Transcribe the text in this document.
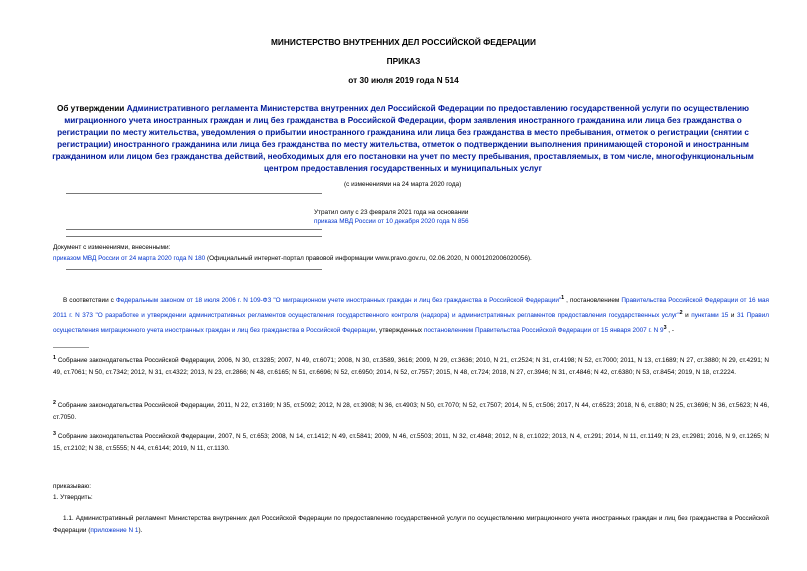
МИНИСТЕРСТВО ВНУТРЕННИХ ДЕЛ РОССИЙСКОЙ ФЕДЕРАЦИИ
ПРИКАЗ
от 30 июля 2019 года N 514
Об утверждении Административного регламента Министерства внутренних дел Российской Федерации по предоставлению государственной услуги по осуществлению миграционного учета иностранных граждан и лиц без гражданства в Российской Федерации, форм заявления иностранного гражданина или лица без гражданства о регистрации по месту жительства, уведомления о прибытии иностранного гражданина или лица без гражданства в место пребывания, отметок о регистрации (снятии с регистрации) иностранного гражданина или лица без гражданства по месту жительства, отметок о подтверждении выполнения принимающей стороной и иностранным гражданином или лицом без гражданства действий, необходимых для его постановки на учет по месту пребывания, проставляемых, в том числе, многофункциональным центром предоставления государственных и муниципальных услуг
(с изменениями на 24 марта 2020 года)
Утратил силу с 23 февраля 2021 года на основании
приказа МВД России от 10 декабря 2020 года N 856
Документ с изменениями, внесенными:
приказом МВД России от 24 марта 2020 года N 180 (Официальный интернет-портал правовой информации www.pravo.gov.ru, 02.06.2020, N 0001202006020056).
В соответствии с Федеральным законом от 18 июля 2006 г. N 109-ФЗ "О миграционном учете иностранных граждан и лиц без гражданства в Российской Федерации"$^1$ , постановлением Правительства Российской Федерации от 16 мая 2011 г. N 373 "О разработке и утверждении административных регламентов осуществления государственного контроля (надзора) и административных регламентов предоставления государственных услуг"$^2$ и пунктами 15 и 31 Правил осуществления миграционного учета иностранных граждан и лиц без гражданства в Российской Федерации, утвержденных постановлением Правительства Российской Федерации от 15 января 2007 г. N 9$^3$ , -
$^1$ Собрание законодательства Российской Федерации, 2006, N 30, ст.3285; 2007, N 49, ст.6071; 2008, N 30, ст.3589, 3616; 2009, N 29, ст.3636; 2010, N 21, ст.2524; N 31, ст.4198; N 52, ст.7000; 2011, N 13, ст.1689; N 27, ст.3880; N 29, ст.4291; N 49, ст.7061; N 50, ст.7342; 2012, N 31, ст.4322; 2013, N 23, ст.2866; N 48, ст.6165; N 51, ст.6696; N 52, ст.6950; 2014, N 52, ст.7557; 2015, N 48, ст.724; 2018, N 27, ст.3946; N 31, ст.4846; N 42, ст.6380; N 53, ст.8454; 2019, N 18, ст.2224.
$^2$ Собрание законодательства Российской Федерации, 2011, N 22, ст.3169; N 35, ст.5092; 2012, N 28, ст.3908; N 36, ст.4903; N 50, ст.7070; N 52, ст.7507; 2014, N 5, ст.506; 2017, N 44, ст.6523; 2018, N 6, ст.880; N 25, ст.3696; N 36, ст.5623; N 46, ст.7050.
$^3$ Собрание законодательства Российской Федерации, 2007, N 5, ст.653; 2008, N 14, ст.1412; N 49, ст.5841; 2009, N 46, ст.5503; 2011, N 32, ст.4848; 2012, N 8, ст.1022; 2013, N 4, ст.291; 2014, N 11, ст.1149; N 23, ст.2981; 2016, N 9, ст.1265; N 15, ст.2102; N 38, ст.5555; N 44, ст.6144; 2019, N 11, ст.1130.
приказываю:
1. Утвердить:
1.1. Административный регламент Министерства внутренних дел Российской Федерации по предоставлению государственной услуги по осуществлению миграционного учета иностранных граждан и лиц без гражданства в Российской Федерации (приложение N 1).
